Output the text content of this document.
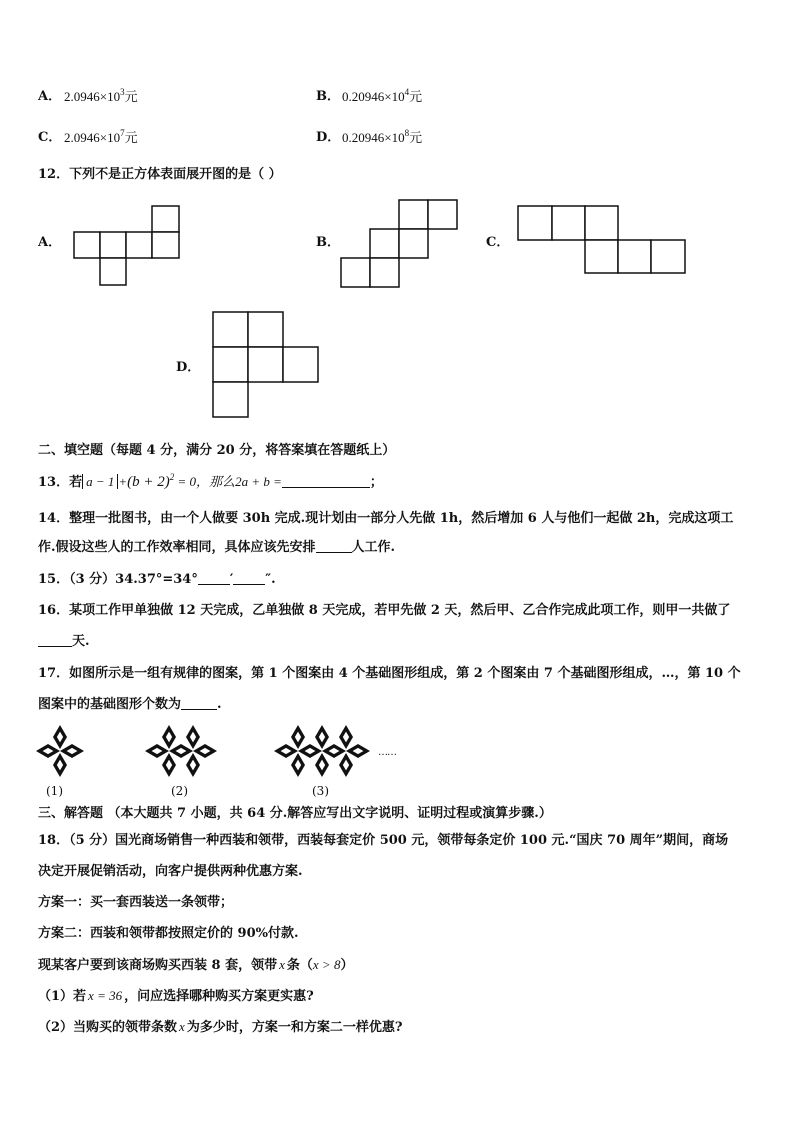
A． $2.0946\times 10^3$元	B． $0.20946\times 10^4$元
C． $2.0946\times 10^7$元	D． $0.20946\times 10^8$元
12．下列不是正方体表面展开图的是（ ）
A．	B．	C．
D．
二、填空题（每题 4 分，满分 20 分，将答案填在答题纸上）
13．若 $a - 1 +(b + 2)^2 = 0$，那么2a + b =	；
14．整理一批图书，由一个人做要 30h 完成.现计划由一部分人先做 1h，然后增加 6 人与他们一起做 2h，完成这项工
作.假设这些人的工作效率相同，具体应该先安排	人工作.
15．（3 分）34.37°=34° ′ ″.
16．某项工作甲单独做 12 天完成，乙单独做 8 天完成，若甲先做 2 天，然后甲、乙合作完成此项工作，则甲一共做了
天.
17．如图所示是一组有规律的图案，第 1 个图案由 4 个基础图形组成，第 2 个图案由 7 个基础图形组成，…，第 10 个
图案中的基础图形个数为	.
(1)	(2)	(3)
……
三、解答题 （本大题共 7 小题，共 64 分.解答应写出文字说明、证明过程或演算步骤.）
18．（5 分）国光商场销售一种西装和领带，西装每套定价 500 元，领带每条定价 100 元.“国庆 70 周年”期间，商场
决定开展促销活动，向客户提供两种优惠方案.
方案一：买一套西装送一条领带；
方案二：西装和领带都按照定价的 90%付款.
现某客户要到该商场购买西装 8 套，领带 x 条（x > 8）
（1）若 x = 36 ，问应选择哪种购买方案更实惠?
（2）当购买的领带条数 x 为多少时，方案一和方案二一样优惠?
